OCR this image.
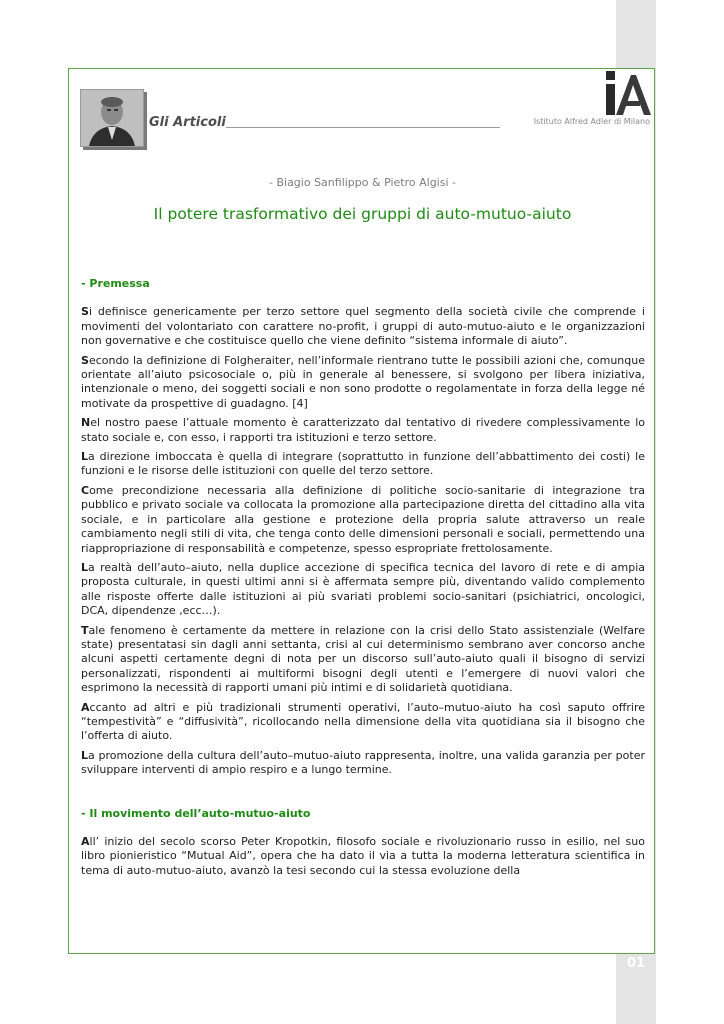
01
Gli Articoli	Istituto Alfred Adler di Milano
- Biagio Sanfilippo & Pietro Algisi -
Il potere trasformativo dei gruppi di auto-mutuo-aiuto
- Premessa

Si definisce genericamente per terzo settore quel segmento della società civile che comprende i movimenti del volontariato con carattere no-profit, i gruppi di auto-mutuo-aiuto e le organizzazioni non governative e che costituisce quello che viene definito “sistema informale di aiuto”.

Secondo la definizione di Folgheraiter, nell’informale rientrano tutte le possibili azioni che, comunque orientate all’aiuto psicosociale o, più in generale al benessere, si svolgono per libera iniziativa, intenzionale o meno, dei soggetti sociali e non sono prodotte o regolamentate in forza della legge né motivate da prospettive di guadagno. [4]

Nel nostro paese l’attuale momento è caratterizzato dal tentativo di rivedere complessivamente lo stato sociale e, con esso, i rapporti tra istituzioni e terzo settore.

La direzione imboccata è quella di integrare (soprattutto in funzione dell’abbattimento dei costi) le funzioni e le risorse delle istituzioni con quelle del terzo settore.

Come precondizione necessaria alla definizione di politiche socio-sanitarie di integrazione tra pubblico e privato sociale va collocata la promozione alla partecipazione diretta del cittadino alla vita sociale, e in particolare alla gestione e protezione della propria salute attraverso un reale cambiamento negli stili di vita, che tenga conto delle dimensioni personali e sociali, permettendo una riappropriazione di responsabilità e competenze, spesso espropriate frettolosamente.

La realtà dell’auto–aiuto, nella duplice accezione di specifica tecnica del lavoro di rete e di ampia proposta culturale, in questi ultimi anni si è affermata sempre più, diventando valido complemento alle risposte offerte dalle istituzioni ai più svariati problemi socio-sanitari (psichiatrici, oncologici, DCA, dipendenze ,ecc…).

Tale fenomeno è certamente da mettere in relazione con la crisi dello Stato assistenziale (Welfare state) presentatasi sin dagli anni settanta, crisi al cui determinismo sembrano aver concorso anche alcuni aspetti certamente degni di nota per un discorso sull’auto-aiuto quali il bisogno di servizi personalizzati, rispondenti ai multiformi bisogni degli utenti e l’emergere di nuovi valori che esprimono la necessità di rapporti umani più intimi e di solidarietà quotidiana.

Accanto ad altri e più tradizionali strumenti operativi, l’auto–mutuo-aiuto ha così saputo offrire “tempestività” e “diffusività”, ricollocando nella dimensione della vita quotidiana sia il bisogno che l’offerta di aiuto.

La promozione della cultura dell’auto–mutuo-aiuto rappresenta, inoltre, una valida garanzia per poter sviluppare interventi di ampio respiro e a lungo termine.

- Il movimento dell’auto-mutuo-aiuto

All’ inizio del secolo scorso Peter Kropotkin, filosofo sociale e rivoluzionario russo in esilio, nel suo libro pionieristico “Mutual Aid”, opera che ha dato il via a tutta la moderna letteratura scientifica in tema di auto-mutuo-aiuto, avanzò la tesi secondo cui la stessa evoluzione della
